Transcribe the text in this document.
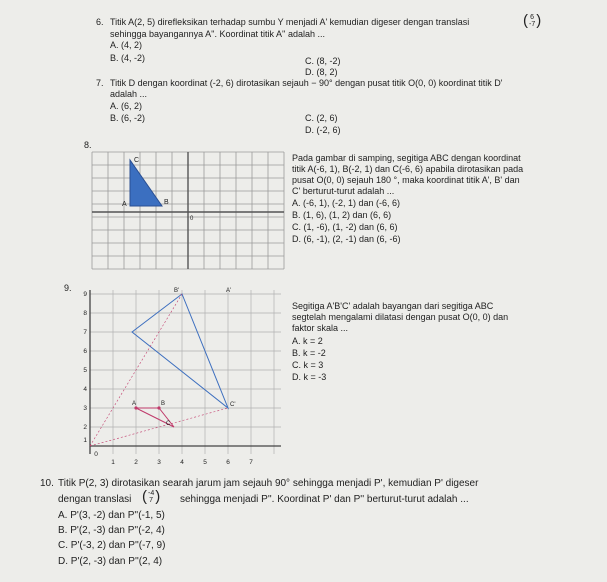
6. Titik A(2, 5) direfleksikan terhadap sumbu Y menjadi A' kemudian digeser dengan translasi	( 6
-7)
sehingga bayangannya A''. Koordinat titik A'' adalah ...
A. (4, 2)
B. (4, -2)	C. (8, -2)
D. (8, 2)
7. Titik D dengan koordinat (-2, 6) dirotasikan sejauh − 90° dengan pusat titik O(0, 0) koordinat titik D'
adalah ...
A. (6, 2)
B. (6, -2)	C. (2, 6)
D. (-2, 6)
8.
C
A	B
0
Pada gambar di samping, segitiga ABC dengan koordinat
titik A(-6, 1), B(-2, 1) dan C(-6, 6) apabila dirotasikan pada
pusat O(0, 0) sejauh 180 °, maka koordinat titik A', B' dan
C' berturut-turut adalah ...
A. (-6, 1), (-2, 1) dan (-6, 6)
B. (1, 6), (1, 2) dan (6, 6)
C. (1, -6), (1, -2) dan (6, 6)
D. (6, -1), (2, -1) dan (6, -6)
9.	B'	A'
C'
A	B
C
9
8
7
6
5
4
3
2
1
0
1	2	3	4	5	6	7
Segitiga A'B'C' adalah bayangan dari segitiga ABC
segtelah mengalami dilatasi dengan pusat O(0, 0) dan
faktor skala ...
A. k = 2
B. k = -2
C. k = 3
D. k = -3
10. Titik P(2, 3) dirotasikan searah jarum jam sejauh 90° sehingga menjadi P', kemudian P' digeser
dengan translasi (-4
7 ) sehingga menjadi P''. Koordinat P' dan P'' berturut-turut adalah ...
A. P'(3, -2) dan P''(-1, 5)
B. P'(2, -3) dan P''(-2, 4)
C. P'(-3, 2) dan P''(-7, 9)
D. P'(2, -3) dan P''(2, 4)
